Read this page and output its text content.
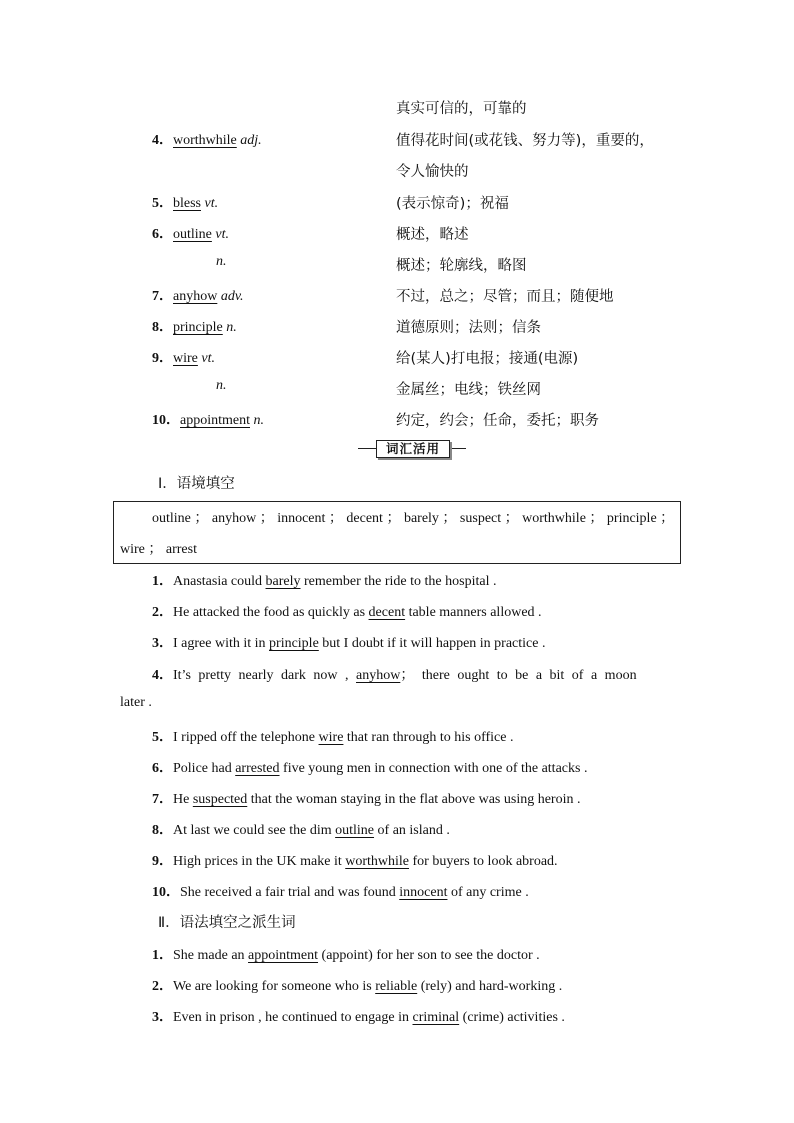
真实可信的，可靠的
4．worthwhile adj.	值得花时间(或花钱、努力等)，重要的，
令人愉快的
5．bless vt.	(表示惊奇)；祝福
6．outline vt.	概述，略述
n.	概述；轮廓线，略图
7．anyhow adv.	不过，总之；尽管；而且；随便地
8．principle n.	道德原则；法则；信条
9．wire vt.	给(某人)打电报；接通(电源)
n.	金属丝；电线；铁丝网
10．appointment n.	约定，约会；任命，委托；职务
词汇活用
Ⅰ．语境填空
outline ； anyhow ； innocent ； decent ； barely ； suspect ； worthwhile ； principle ；
wire ； arrest
1．Anastasia could barely remember the ride to the hospital .
2．He attacked the food as quickly as decent table manners allowed .
3．I agree with it in principle but I doubt if it will happen in practice .
4．It’s pretty nearly dark now , anyhow； there ought to be a bit of a moon
later .
5．I ripped off the telephone wire that ran through to his office .
6．Police had arrested five young men in connection with one of the attacks .
7．He suspected that the woman staying in the flat above was using heroin .
8．At last we could see the dim outline of an island .
9．High prices in the UK make it worthwhile for buyers to look abroad.
10．She received a fair trial and was found innocent of any crime .
Ⅱ．语法填空之派生词
1．She made an appointment (appoint) for her son to see the doctor .
2．We are looking for someone who is reliable (rely) and hard-working .
3．Even in prison , he continued to engage in criminal (crime) activities .
